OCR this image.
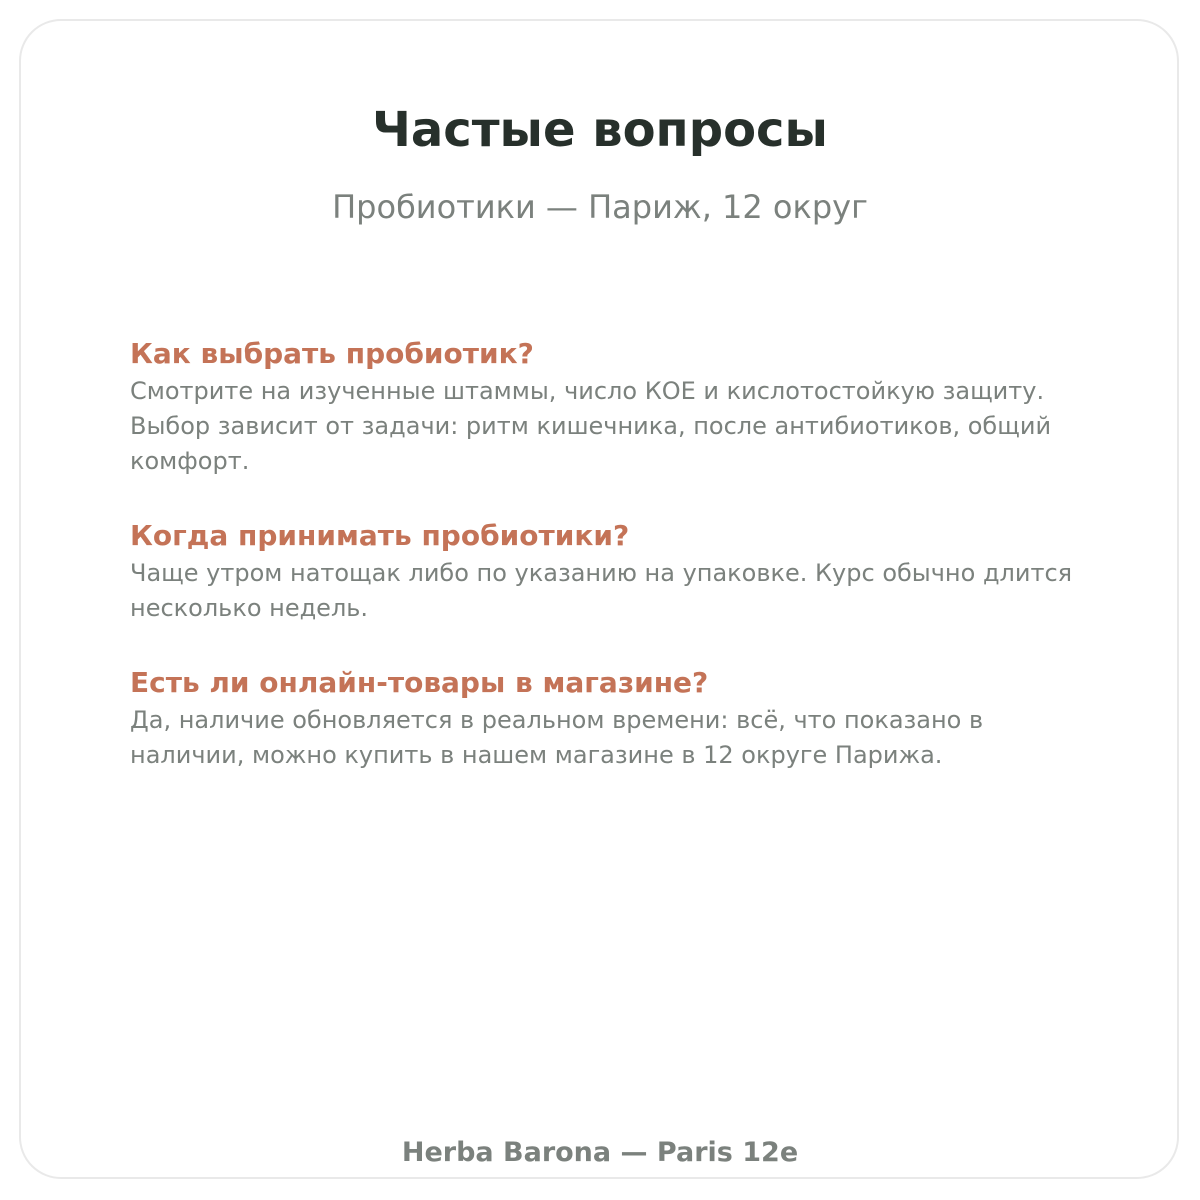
Частые вопросы

Пробиотики — Париж, 12 округ

Как выбрать пробиотик?

Смотрите на изученные штаммы, число КОЕ и кислотостойкую защиту. Выбор зависит от задачи: ритм кишечника, после антибиотиков, общий комфорт.

Когда принимать пробиотики?

Чаще утром натощак либо по указанию на упаковке. Курс обычно длится несколько недель.

Есть ли онлайн-товары в магазине?

Да, наличие обновляется в реальном времени: всё, что показано в наличии, можно купить в нашем магазине в 12 округе Парижа.

Herba Barona — Paris 12e
